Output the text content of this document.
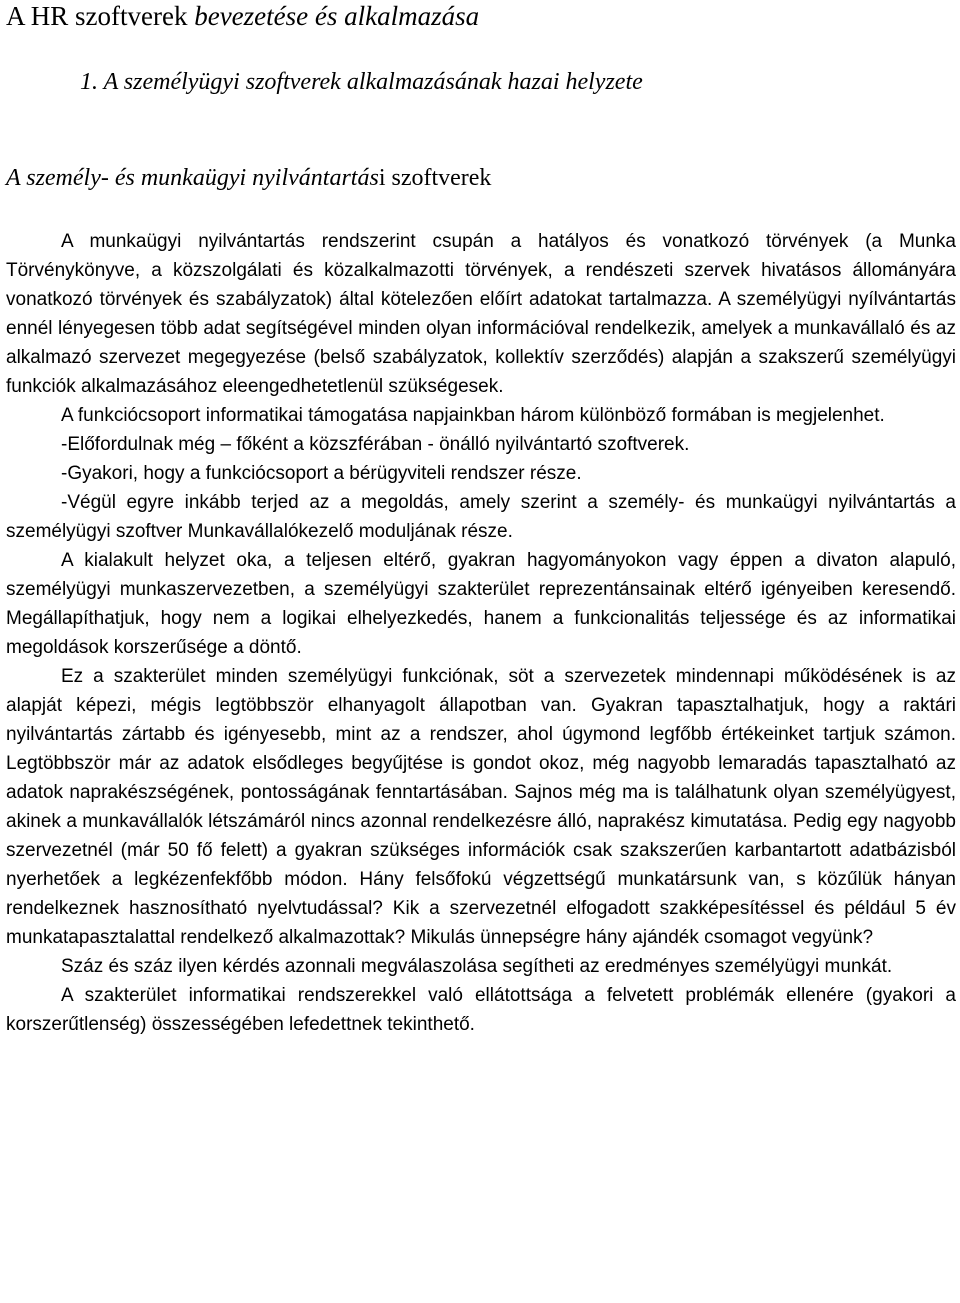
A HR szoftverek bevezetése és alkalmazása
1. A személyügyi szoftverek alkalmazásának hazai helyzete
A személy- és munkaügyi nyilvántartási szoftverek

A munkaügyi nyilvántartás rendszerint csupán a hatályos és vonatkozó törvények (a Munka Törvénykönyve, a közszolgálati és közalkalmazotti törvények, a rendészeti szervek hivatásos állományára vonatkozó törvények és szabályzatok) által kötelezően előírt adatokat tartalmazza. A személyügyi nyílvántartás ennél lényegesen több adat segítségével minden olyan információval rendelkezik, amelyek a munkavállaló és az alkalmazó szervezet megegyezése (belső szabályzatok, kollektív szerződés) alapján a szakszerű személyügyi funkciók alkalmazásához eleengedhetetlenül szükségesek.

A funkciócsoport informatikai támogatása napjainkban három különböző formában is megjelenhet.

-Előfordulnak még – főként a közszférában - önálló nyilvántartó szoftverek.

-Gyakori, hogy a funkciócsoport a bérügyviteli rendszer része.

-Végül egyre inkább terjed az a megoldás, amely szerint a személy- és munkaügyi nyilvántartás a személyügyi szoftver Munkavállalókezelő moduljának része.

A kialakult helyzet oka, a teljesen eltérő, gyakran hagyományokon vagy éppen a divaton alapuló, személyügyi munkaszervezetben, a személyügyi szakterület reprezentánsainak eltérő igényeiben keresendő. Megállapíthatjuk, hogy nem a logikai elhelyezkedés, hanem a funkcionalitás teljessége és az informatikai megoldások korszerűsége a döntő.

Ez a szakterület minden személyügyi funkciónak, söt a szervezetek mindennapi működésének is az alapját képezi, mégis legtöbbször elhanyagolt állapotban van. Gyakran tapasztalhatjuk, hogy a raktári nyilvántartás zártabb és igényesebb, mint az a rendszer, ahol úgymond legfőbb értékeinket tartjuk számon. Legtöbbször már az adatok elsődleges begyűjtése is gondot okoz, még nagyobb lemaradás tapasztalható az adatok naprakészségének, pontosságának fenntartásában. Sajnos még ma is találhatunk olyan személyügyest, akinek a munkavállalók létszámáról nincs azonnal rendelkezésre álló, naprakész kimutatása. Pedig egy nagyobb szervezetnél (már 50 fő felett) a gyakran szükséges információk csak szakszerűen karbantartott adatbázisból nyerhetőek a legkézenfekfőbb módon. Hány felsőfokú végzettségű munkatársunk van, s közűlük hányan rendelkeznek hasznosítható nyelvtudással? Kik a szervezetnél elfogadott szakképesítéssel és például 5 év munkatapasztalattal rendelkező alkalmazottak? Mikulás ünnepségre hány ajándék csomagot vegyünk?

Száz és száz ilyen kérdés azonnali megválaszolása segítheti az eredményes személyügyi munkát.

A szakterület informatikai rendszerekkel való ellátottsága a felvetett problémák ellenére (gyakori a korszerűtlenség) összességében lefedettnek tekinthető.
